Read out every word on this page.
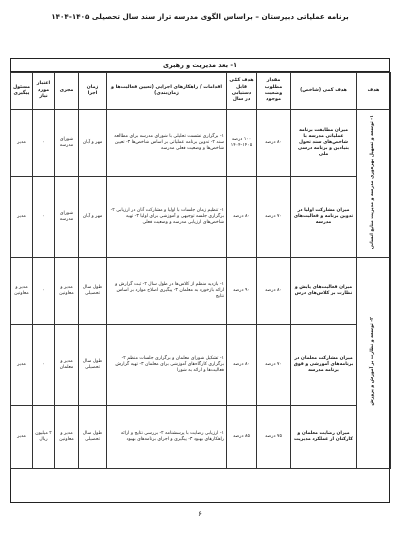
برنامه عملیاتی دبیرستان – براساس الگوی مدرسه تراز سند سال تحصیلی ۱۴۰۵-۱۴۰۴
۱- بعد مدیریت و رهبری
هدف	هدف کمی (شاخص)	مقدار مطلوب وضعیت موجود	هدف کمّی قابل دستیابی در سال	اقدامات / راهکارهای اجرایی (تعیین فعالیت‌ها و زمان‌بندی)	زمان اجرا	مجری	اعتبار مورد نیاز	مسئول پیگیری
۱- توسعه و تسهیل بهره‌وری مدرسه و مدیریت منابع انسانی	میزان مطابقت برنامه عملیاتی مدرسه با شاخص‌های سند تحول بنیادین و برنامه درسی ملی	۸۰ درصد	۱۰۰ درصد ۱۴۰۵-۱۴۰۴	۱- برگزاری نشست تحلیلی با شورای مدرسه برای مطالعه سند ۲- تدوین برنامه عملیاتی بر اساس شاخص‌ها ۳- تعیین شاخص‌ها و وضعیت فعلی مدرسه	مهر و آبان	شورای مدرسه	۰	مدیر
	میزان مشارکت اولیا در تدوین برنامه و فعالیت‌های مدرسه	۷۰ درصد	۸۰ درصد	۱- تنظیم زمان جلسات با اولیا و مشارکت آنان در ارزیابی ۲- برگزاری جلسه توجیهی و آموزشی برای اولیا ۳- تهیه شاخص‌های ارزیابی مدرسه و وضعیت فعلی	مهر و آبان	شورای مدرسه	۰	مدیر
۲- توسعه و نظارت بر آموزش و پرورش	میزان فعالیت‌های پایش و نظارت بر کلاس‌های درس	۸۰ درصد	۹۰ درصد	۱- بازدید منظم از کلاس‌ها در طول سال ۲- ثبت گزارش و ارائه بازخورد به معلمان ۳- پیگیری اصلاح موارد بر اساس نتایج	طول سال تحصیلی	مدیر و معاونین	۰	مدیر و معاونین
	میزان مشارکت معلمان در برنامه‌های آموزشی و فوق برنامه مدرسه	۷۰ درصد	۸۰ درصد	۱- تشکیل شورای معلمان و برگزاری جلسات منظم ۲- برگزاری کارگاه‌های آموزشی برای معلمان ۳- تهیه گزارش فعالیت‌ها و ارائه به شورا	طول سال تحصیلی	مدیر و معلمان	۰	مدیر
	میزان رضایت معلمان و کارکنان از عملکرد مدیریت	۷۵ درصد	۸۵ درصد	۱- ارزیابی رضایت با پرسشنامه ۲- بررسی نتایج و ارائه راهکارهای بهبود ۳- پیگیری و اجرای برنامه‌های بهبود	طول سال تحصیلی	مدیر و معاونین	۲ میلیون ریال	مدیر
۶
